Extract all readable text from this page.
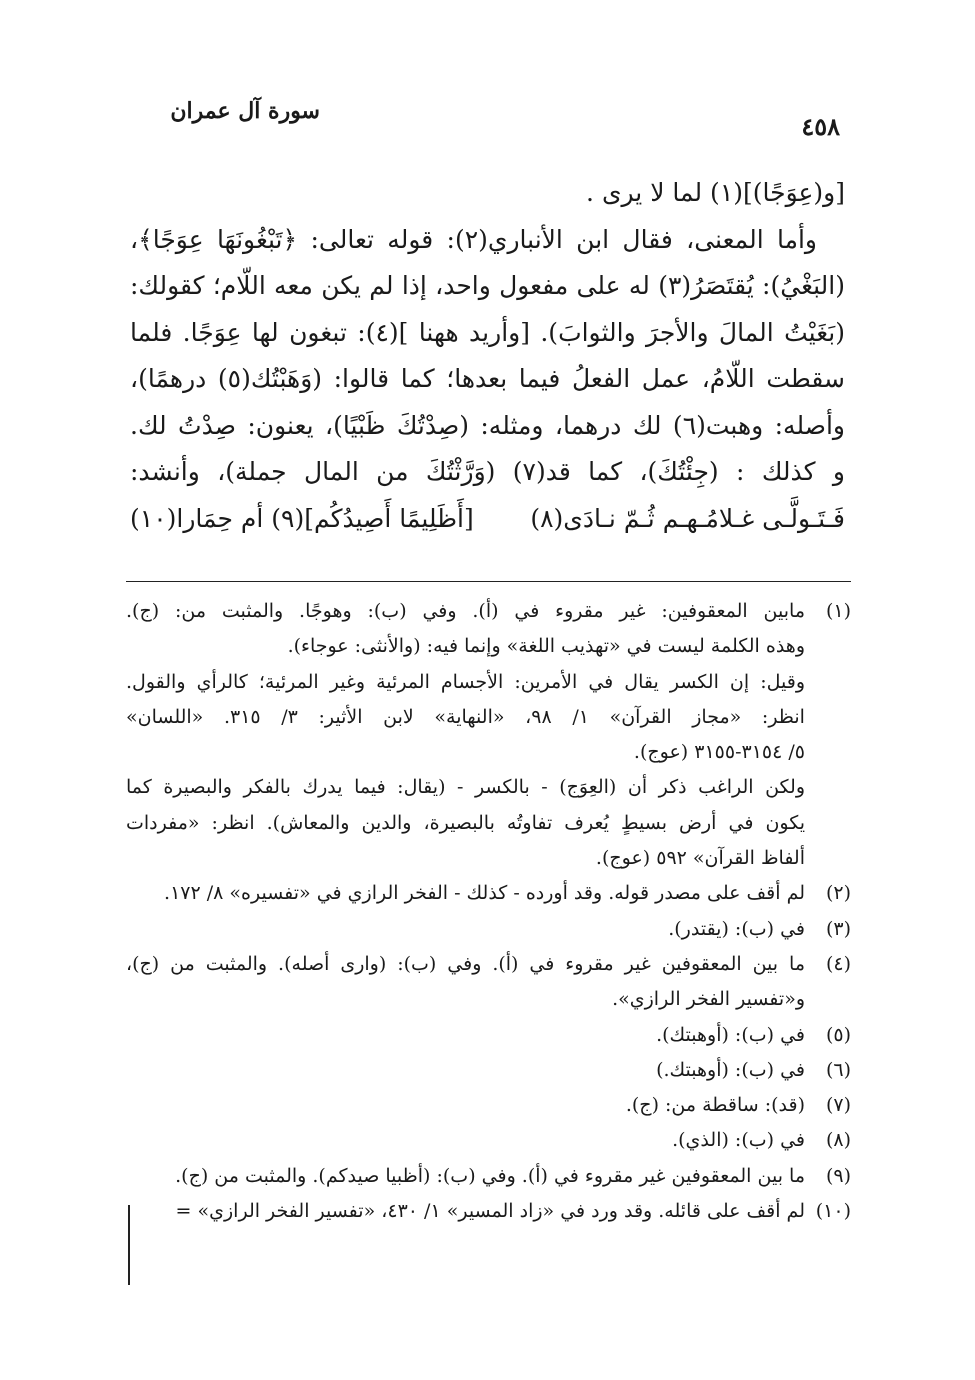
سورة آل عمران
٤٥٨
[و(عِوَجًا)](١) لما لا يرى .
وأما المعنى، فقال ابن الأنباري(٢): قوله تعالى: ﴿تَبْغُونَهَا عِوَجًا﴾،
(البَغْيُ): يُقتَصَرُ(٣) له على مفعول واحد، إذا لم يكن معه اللّام؛ كقولك:
(بَغَيْتُ المالَ والأجرَ والثوابَ). [وأريد ههنا ](٤): تبغون لها عِوَجًا. فلما
سقطت اللّامُ، عمل الفعلُ فيما بعدها؛ كما قالوا: (وَهَبْتُك(٥) درهمًا)،
وأصله: وهبت(٦) لك درهما، ومثله: (صِدْتُكَ ظَبْيًا)، يعنون: صِدْتُ لك.
و كذلك : (جِئْتُكَ)، كما قد(٧) (وَرَّثْتُكَ من المال جملة)، وأنشد:
فَـتَـولَّـى غـلامُـهـم ثُـمّ نـادَى(٨)
[أَظَلِيمًا أَصِيدُكُم](٩) أم حِمَارا(١٠)
(١)
مابين المعقوفين: غير مقروء في (أ). وفي (ب): وهوجًا. والمثبت من: (ج).
وهذه الكلمة ليست في «تهذيب اللغة» وإنما فيه: (والأنثى: عوجاء).
وقيل: إن الكسر يقال في الأمرين: الأجسام المرئية وغير المرئية؛ كالرأي والقول.
انظر: «مجاز القرآن» ١/ ٩٨، «النهاية» لابن الأثير: ٣/ ٣١٥. «اللسان»
٥/ ٣١٥٤-٣١٥٥ (عوج).
ولكن الراغب ذكر أن (العِوَج) - بالكسر - (يقال: فيما يدرك بالفكر والبصيرة كما
يكون في أرض بسيطٍ يُعرف تفاوتُه بالبصيرة، والدين والمعاش). انظر: «مفردات
ألفاظ القرآن» ٥٩٢ (عوج).
(٢)
لم أقف على مصدر قوله. وقد أورده - كذلك - الفخر الرازي في «تفسيره» ٨/ ١٧٢.
(٣)
في (ب): (يقتدر).
(٤)
ما بين المعقوفين غير مقروء في (أ). وفي (ب): (وارى أصله). والمثبت من (ج)،
و«تفسير الفخر الرازي».
(٥)
في (ب): (أوهبتك).
(٦)
في (ب): (أوهبتك.)
(٧)
(قد): ساقطة من: (ج).
(٨)
في (ب): (الذي).
(٩)
ما بين المعقوفين غير مقروء في (أ). وفي (ب): (أظبيا صيدكم). والمثبت من (ج).
(١٠)
لم أقف على قائله. وقد ورد في «زاد المسير» ١/ ٤٣٠، «تفسير الفخر الرازي» =
